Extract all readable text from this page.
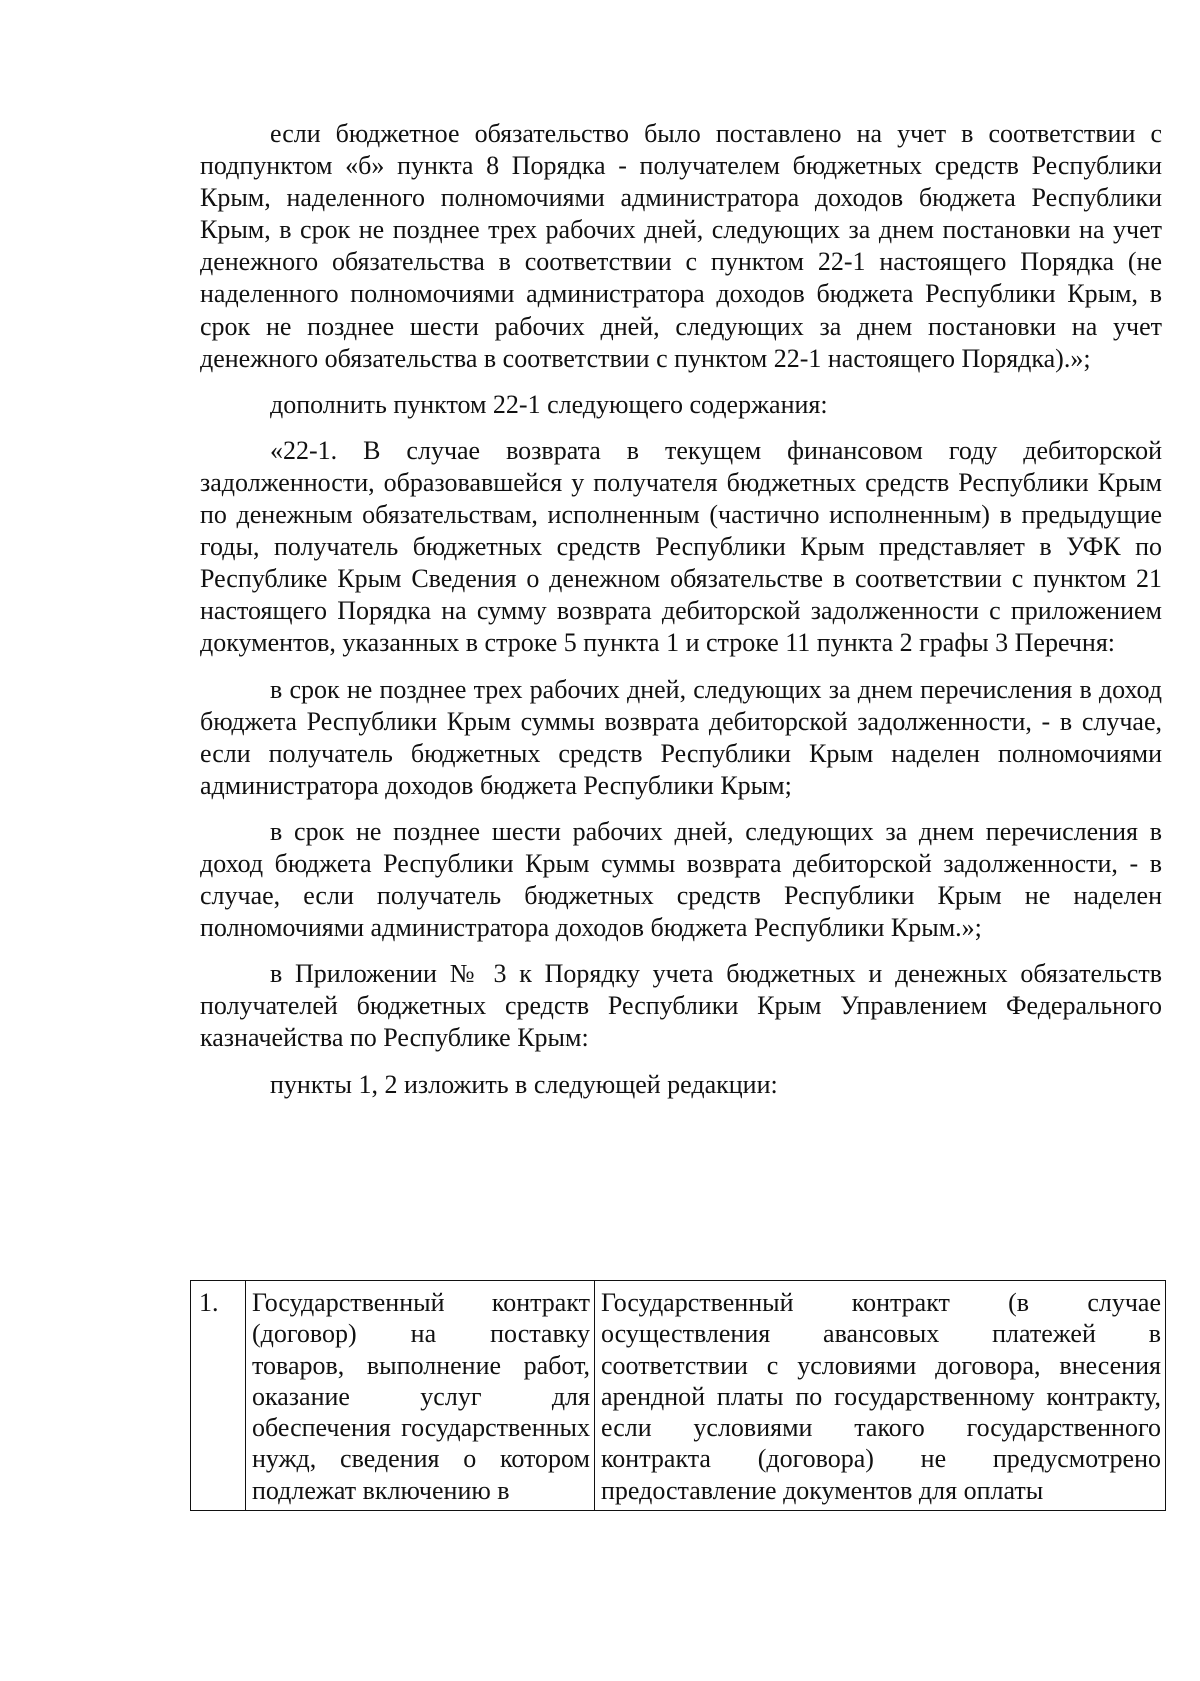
если бюджетное обязательство было поставлено на учет в соответствии с подпунктом «б» пункта 8 Порядка - получателем бюджетных средств Республики Крым, наделенного полномочиями администратора доходов бюджета Республики Крым, в срок не позднее трех рабочих дней, следующих за днем постановки на учет денежного обязательства в соответствии с пунктом 22-1 настоящего Порядка (не наделенного полномочиями администратора доходов бюджета Республики Крым, в срок не позднее шести рабочих дней, следующих за днем постановки на учет денежного обязательства в соответствии с пунктом 22-1 настоящего Порядка).»;

дополнить пунктом 22-1 следующего содержания:

«22-1. В случае возврата в текущем финансовом году дебиторской задолженности, образовавшейся у получателя бюджетных средств Республики Крым по денежным обязательствам, исполненным (частично исполненным) в предыдущие годы, получатель бюджетных средств Республики Крым представляет в УФК по Республике Крым Сведения о денежном обязательстве в соответствии с пунктом 21 настоящего Порядка на сумму возврата дебиторской задолженности с приложением документов, указанных в строке 5 пункта 1 и строке 11 пункта 2 графы 3 Перечня:

в срок не позднее трех рабочих дней, следующих за днем перечисления в доход бюджета Республики Крым суммы возврата дебиторской задолженности, - в случае, если получатель бюджетных средств Республики Крым наделен полномочиями администратора доходов бюджета Республики Крым;

в срок не позднее шести рабочих дней, следующих за днем перечисления в доход бюджета Республики Крым суммы возврата дебиторской задолженности, - в случае, если получатель бюджетных средств Республики Крым не наделен полномочиями администратора доходов бюджета Республики Крым.»;

в Приложении № 3 к Порядку учета бюджетных и денежных обязательств получателей бюджетных средств Республики Крым Управлением Федерального казначейства по Республике Крым:

пункты 1, 2 изложить в следующей редакции:

1.	Государственный контракт (договор) на поставку товаров, выполнение работ, оказание услуг для обеспечения государственных нужд, сведения о котором подлежат включению в	Государственный контракт (в случае осуществления авансовых платежей в соответствии с условиями договора, внесения арендной платы по государственному контракту, если условиями такого государственного контракта (договора) не предусмотрено предоставление документов для оплаты
